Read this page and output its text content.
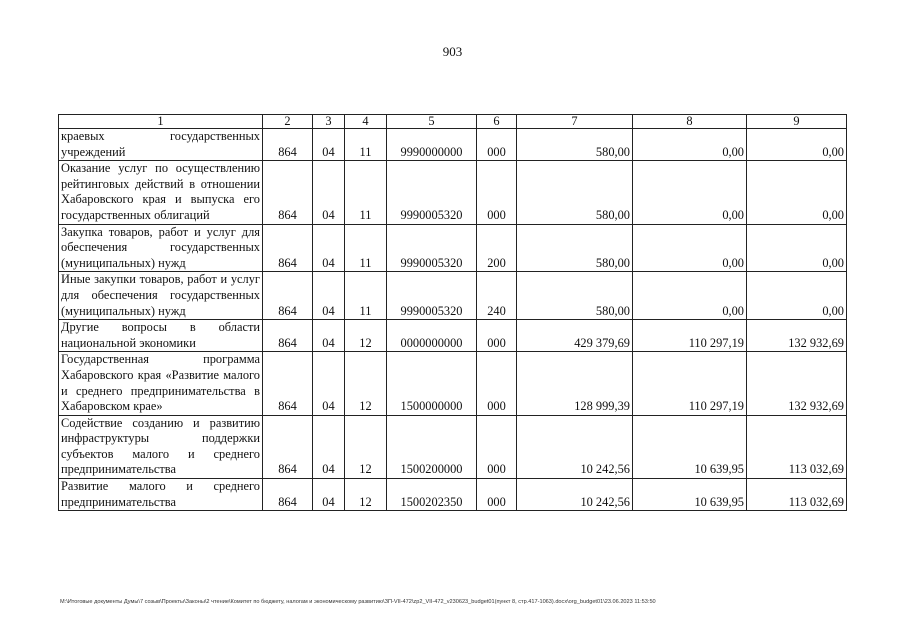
903
1	2	3	4	5	6	7	8	9
краевых государственных учреждений	864	04	11	9990000000	000	580,00	0,00	0,00
Оказание услуг по осуществлению рейтинговых действий в отношении Хабаровского края и выпуска его государственных облигаций	864	04	11	9990005320	000	580,00	0,00	0,00
Закупка товаров, работ и услуг для обеспечения государственных (муниципальных) нужд	864	04	11	9990005320	200	580,00	0,00	0,00
Иные закупки товаров, работ и услуг для обеспечения государственных (муниципальных) нужд	864	04	11	9990005320	240	580,00	0,00	0,00
Другие вопросы в области национальной экономики	864	04	12	0000000000	000	429 379,69	110 297,19	132 932,69
Государственная программа Хабаровского края «Развитие малого и среднего предпринимательства в Хабаровском крае»	864	04	12	1500000000	000	128 999,39	110 297,19	132 932,69
Содействие созданию и развитию инфраструктуры поддержки субъектов малого и среднего предпринимательства	864	04	12	1500200000	000	10 242,56	10 639,95	113 032,69
Развитие малого и среднего предпринимательства	864	04	12	1500202350	000	10 242,56	10 639,95	113 032,69
М:\Итоговые документы Думы\7 созыв\Проекты\Законы\2 чтение\Комитет по бюджету, налогам и экономическому развитию\ЗП-VII-472\zp2_VII-472_v230623_budget01(пункт 8, стр.417-1063).docx\org_budget01\23.06.2023 11:53:50
